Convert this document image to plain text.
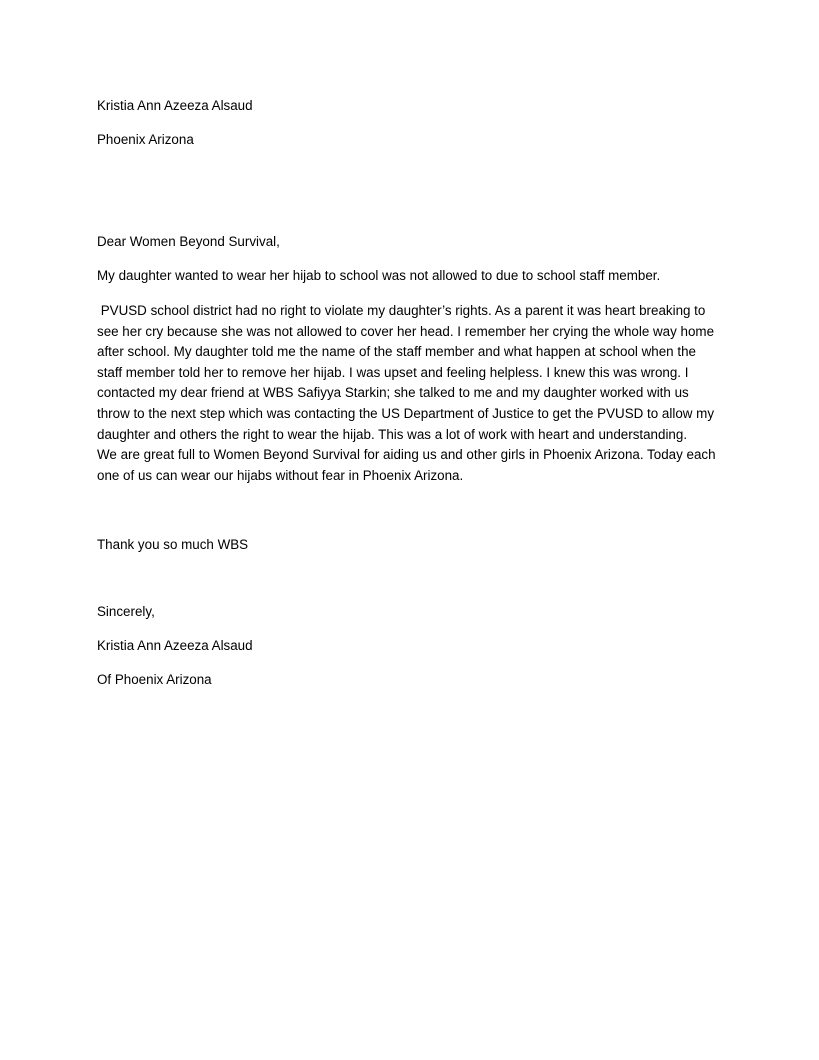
Kristia Ann Azeeza Alsaud
Phoenix Arizona
Dear Women Beyond Survival,
My daughter wanted to wear her hijab to school was not allowed to due to school staff member.
PVUSD school district had no right to violate my daughter’s rights. As a parent it was heart breaking to
see her cry because she was not allowed to cover her head. I remember her crying the whole way home
after school. My daughter told me the name of the staff member and what happen at school when the
staff member told her to remove her hijab. I was upset and feeling helpless. I knew this was wrong. I
contacted my dear friend at WBS Safiyya Starkin; she talked to me and my daughter worked with us
throw to the next step which was contacting the US Department of Justice to get the PVUSD to allow my
daughter and others the right to wear the hijab. This was a lot of work with heart and understanding.
We are great full to Women Beyond Survival for aiding us and other girls in Phoenix Arizona. Today each
one of us can wear our hijabs without fear in Phoenix Arizona.
Thank you so much WBS
Sincerely,
Kristia Ann Azeeza Alsaud
Of Phoenix Arizona
